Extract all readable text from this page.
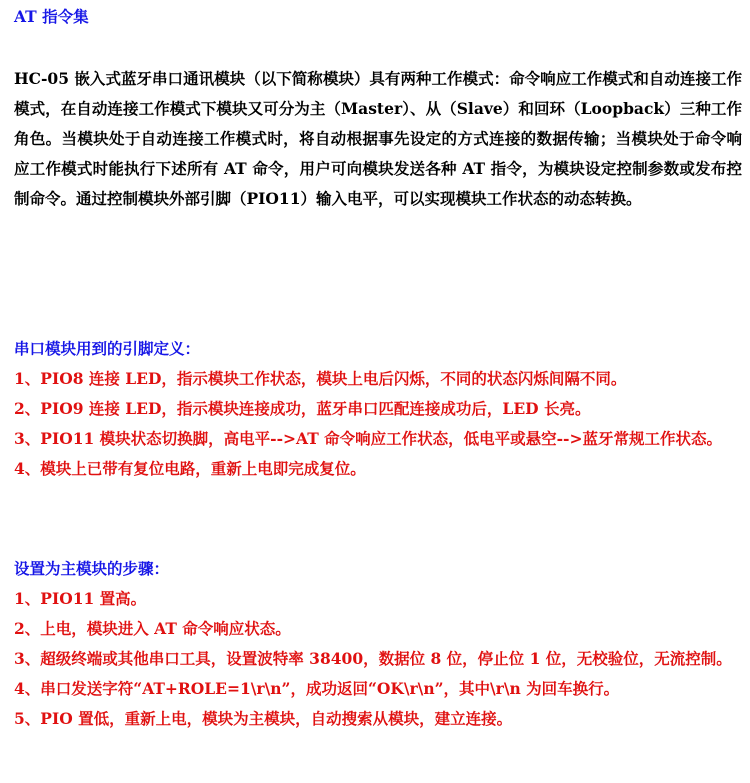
AT 指令集
HC-05 嵌入式蓝牙串口通讯模块（以下简称模块）具有两种工作模式：命令响应工作模式和自动连接工作模式，在自动连接工作模式下模块又可分为主（Master）、从（Slave）和回环（Loopback）三种工作角色。当模块处于自动连接工作模式时，将自动根据事先设定的方式连接的数据传输；当模块处于命令响应工作模式时能执行下述所有 AT 命令，用户可向模块发送各种 AT 指令，为模块设定控制参数或发布控制命令。通过控制模块外部引脚（PIO11）输入电平，可以实现模块工作状态的动态转换。
串口模块用到的引脚定义：
1、PIO8 连接 LED，指示模块工作状态，模块上电后闪烁，不同的状态闪烁间隔不同。
2、PIO9 连接 LED，指示模块连接成功，蓝牙串口匹配连接成功后，LED 长亮。
3、PIO11 模块状态切换脚，高电平-->AT 命令响应工作状态，低电平或悬空-->蓝牙常规工作状态。
4、模块上已带有复位电路，重新上电即完成复位。
设置为主模块的步骤：
1、PIO11 置高。
2、上电，模块进入 AT 命令响应状态。
3、超级终端或其他串口工具，设置波特率 38400，数据位 8 位，停止位 1 位，无校验位，无流控制。
4、串口发送字符“AT+ROLE=1\r\n”，成功返回“OK\r\n”，其中\r\n 为回车换行。
5、PIO 置低，重新上电，模块为主模块，自动搜索从模块，建立连接。
